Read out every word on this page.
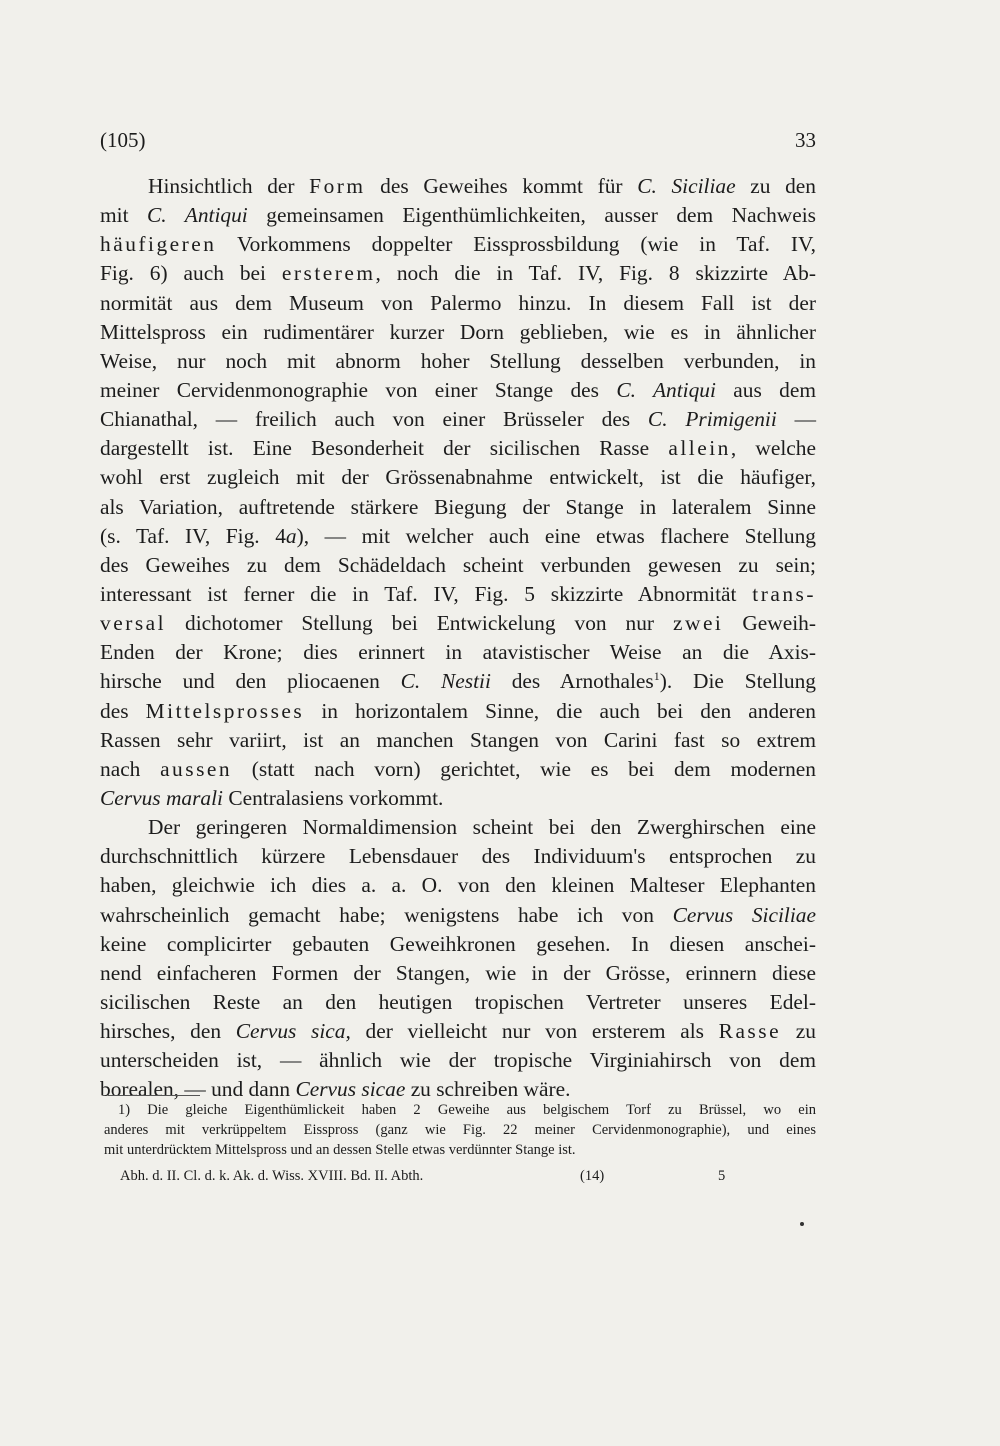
(105)	33
Hinsichtlich der Form des Geweihes kommt für C. Siciliae zu den
mit C. Antiqui gemeinsamen Eigenthümlichkeiten, ausser dem Nachweis
häufigeren Vorkommens doppelter Eissprossbildung (wie in Taf. IV,
Fig. 6) auch bei ersterem, noch die in Taf. IV, Fig. 8 skizzirte Ab-
normität aus dem Museum von Palermo hinzu. In diesem Fall ist der
Mittelspross ein rudimentärer kurzer Dorn geblieben, wie es in ähnlicher
Weise, nur noch mit abnorm hoher Stellung desselben verbunden, in
meiner Cervidenmonographie von einer Stange des C. Antiqui aus dem
Chianathal, — freilich auch von einer Brüsseler des C. Primigenii —
dargestellt ist. Eine Besonderheit der sicilischen Rasse allein, welche
wohl erst zugleich mit der Grössenabnahme entwickelt, ist die häufiger,
als Variation, auftretende stärkere Biegung der Stange in lateralem Sinne
(s. Taf. IV, Fig. 4a), — mit welcher auch eine etwas flachere Stellung
des Geweihes zu dem Schädeldach scheint verbunden gewesen zu sein;
interessant ist ferner die in Taf. IV, Fig. 5 skizzirte Abnormität trans-
versal dichotomer Stellung bei Entwickelung von nur zwei Geweih-
Enden der Krone; dies erinnert in atavistischer Weise an die Axis-
hirsche und den pliocaenen C. Nestii des Arnothales$^1$). Die Stellung
des Mittelsprosses in horizontalem Sinne, die auch bei den anderen
Rassen sehr variirt, ist an manchen Stangen von Carini fast so extrem
nach aussen (statt nach vorn) gerichtet, wie es bei dem modernen
Cervus marali Centralasiens vorkommt.
Der geringeren Normaldimension scheint bei den Zwerghirschen eine
durchschnittlich kürzere Lebensdauer des Individuum's entsprochen zu
haben, gleichwie ich dies a. a. O. von den kleinen Malteser Elephanten
wahrscheinlich gemacht habe; wenigstens habe ich von Cervus Siciliae
keine complicirter gebauten Geweihkronen gesehen. In diesen anschei-
nend einfacheren Formen der Stangen, wie in der Grösse, erinnern diese
sicilischen Reste an den heutigen tropischen Vertreter unseres Edel-
hirsches, den Cervus sica, der vielleicht nur von ersterem als Rasse zu
unterscheiden ist, — ähnlich wie der tropische Virginiahirsch von dem
borealen, — und dann Cervus sicae zu schreiben wäre.
1) Die gleiche Eigenthümlickeit haben 2 Geweihe aus belgischem Torf zu Brüssel, wo ein
anderes mit verkrüppeltem Eisspross (ganz wie Fig. 22 meiner Cervidenmonographie), und eines
mit unterdrücktem Mittelspross und an dessen Stelle etwas verdünnter Stange ist.
Abh. d. II. Cl. d. k. Ak. d. Wiss. XVIII. Bd. II. Abth.	(14)	5
